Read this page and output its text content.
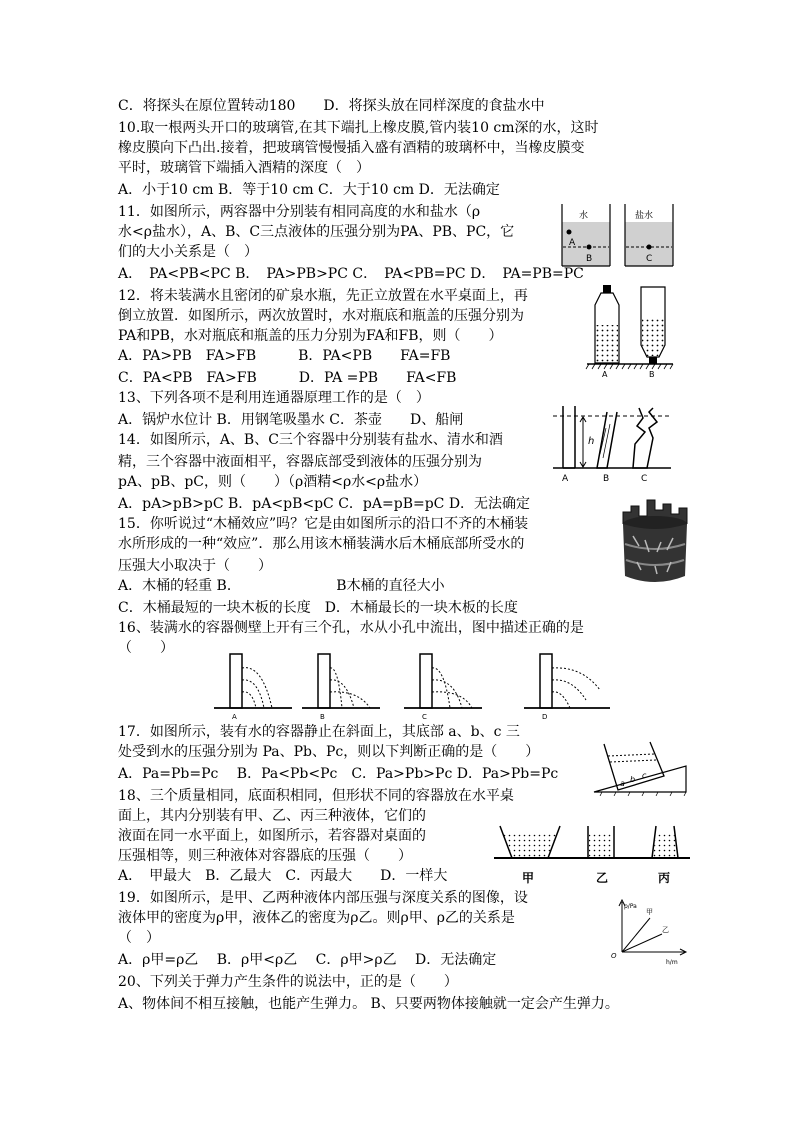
C．将探头在原位置转动180　　D．将探头放在同样深度的食盐水中
10.取一根两头开口的玻璃管,在其下端扎上橡皮膜,管内装10 cm深的水，这时
橡皮膜向下凸出.接着，把玻璃管慢慢插入盛有酒精的玻璃杯中，当橡皮膜变
平时，玻璃管下端插入酒精的深度（　）
A．小于10 cm B．等于10 cm C．大于10 cm D．无法确定
11．如图所示，两容器中分别装有相同高度的水和盐水（ρ
水<ρ盐水），A、B、C三点液体的压强分别为PA、PB、PC，它
们的大小关系是（　）
A．　PA<PB<PC B．　PA>PB>PC C．　PA<PB=PC D．　PA=PB=PC
12．将未装满水且密闭的矿泉水瓶，先正立放置在水平桌面上，再
倒立放置．如图所示，两次放置时，水对瓶底和瓶盖的压强分别为
PA和PB，水对瓶底和瓶盖的压力分别为FA和FB，则（　　）
A．PA>PB　FA>FB　　　B．PA<PB　　FA=FB
C．PA<PB　FA>FB　　　D．PA =PB　　FA<FB
13、下列各项不是利用连通器原理工作的是（　）
A．锅炉水位计 B．用钢笔吸墨水 C．茶壶　　D、船闸
14．如图所示，A、B、C三个容器中分别装有盐水、清水和酒
精，三个容器中液面相平，容器底部受到液体的压强分别为
pA、pB、pC，则（　　）（ρ酒精<ρ水<ρ盐水）
A．pA>pB>pC B．pA<pB<pC C．pA=pB=pC D．无法确定
15．你听说过“木桶效应”吗？它是由如图所示的沿口不齐的木桶装
水所形成的一种“效应”．那么用该木桶装满水后木桶底部所受水的
压强大小取决于（　　）
A．木桶的轻重 B．　　　　　　　 B木桶的直径大小
C．木桶最短的一块木板的长度　D．木桶最长的一块木板的长度
16、装满水的容器侧壁上开有三个孔，水从小孔中流出，图中描述正确的是
（　　）
17．如图所示，装有水的容器静止在斜面上，其底部 a、b、c 三
处受到水的压强分别为 Pa、Pb、Pc，则以下判断正确的是（　　）
A．Pa=Pb=Pc　 B．Pa<Pb<Pc　C．Pa>Pb>Pc D．Pa>Pb=Pc
18、三个质量相同，底面积相同，但形状不同的容器放在水平桌
面上，其内分别装有甲、乙、丙三种液体，它们的
液面在同一水平面上，如图所示，若容器对桌面的
压强相等，则三种液体对容器底的压强（　　）
A．　甲最大　B．乙最大　C．丙最大　　D．一样大
19．如图所示，是甲、乙两种液体内部压强与深度关系的图像，设
液体甲的密度为ρ甲，液体乙的密度为ρ乙。则ρ甲、ρ乙的关系是
（　）
A．ρ甲=ρ乙　 B．ρ甲<ρ乙　 C．ρ甲>ρ乙　 D．无法确定
20、下列关于弹力产生条件的说法中，正的是（　　）
A、物体间不相互接触，也能产生弹力。 B、只要两物体接触就一定会产生弹力。
水	盐水
A
B	C
A	B
h
A	B	C
A	B	C	D
a b c
甲	乙	丙
p/Pa
h/m
O
甲
乙
